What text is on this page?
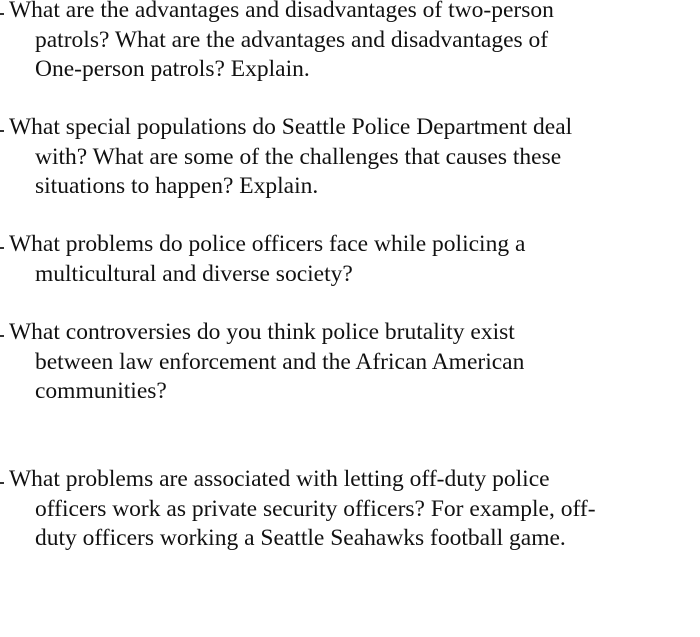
What are the advantages and disadvantages of two-person
patrols? What are the advantages and disadvantages of
One-person patrols? Explain.
What special populations do Seattle Police Department deal
with? What are some of the challenges that causes these
situations to happen? Explain.
What problems do police officers face while policing a
multicultural and diverse society?
What controversies do you think police brutality exist
between law enforcement and the African American
communities?
What problems are associated with letting off-duty police
officers work as private security officers? For example, off-
duty officers working a Seattle Seahawks football game.
